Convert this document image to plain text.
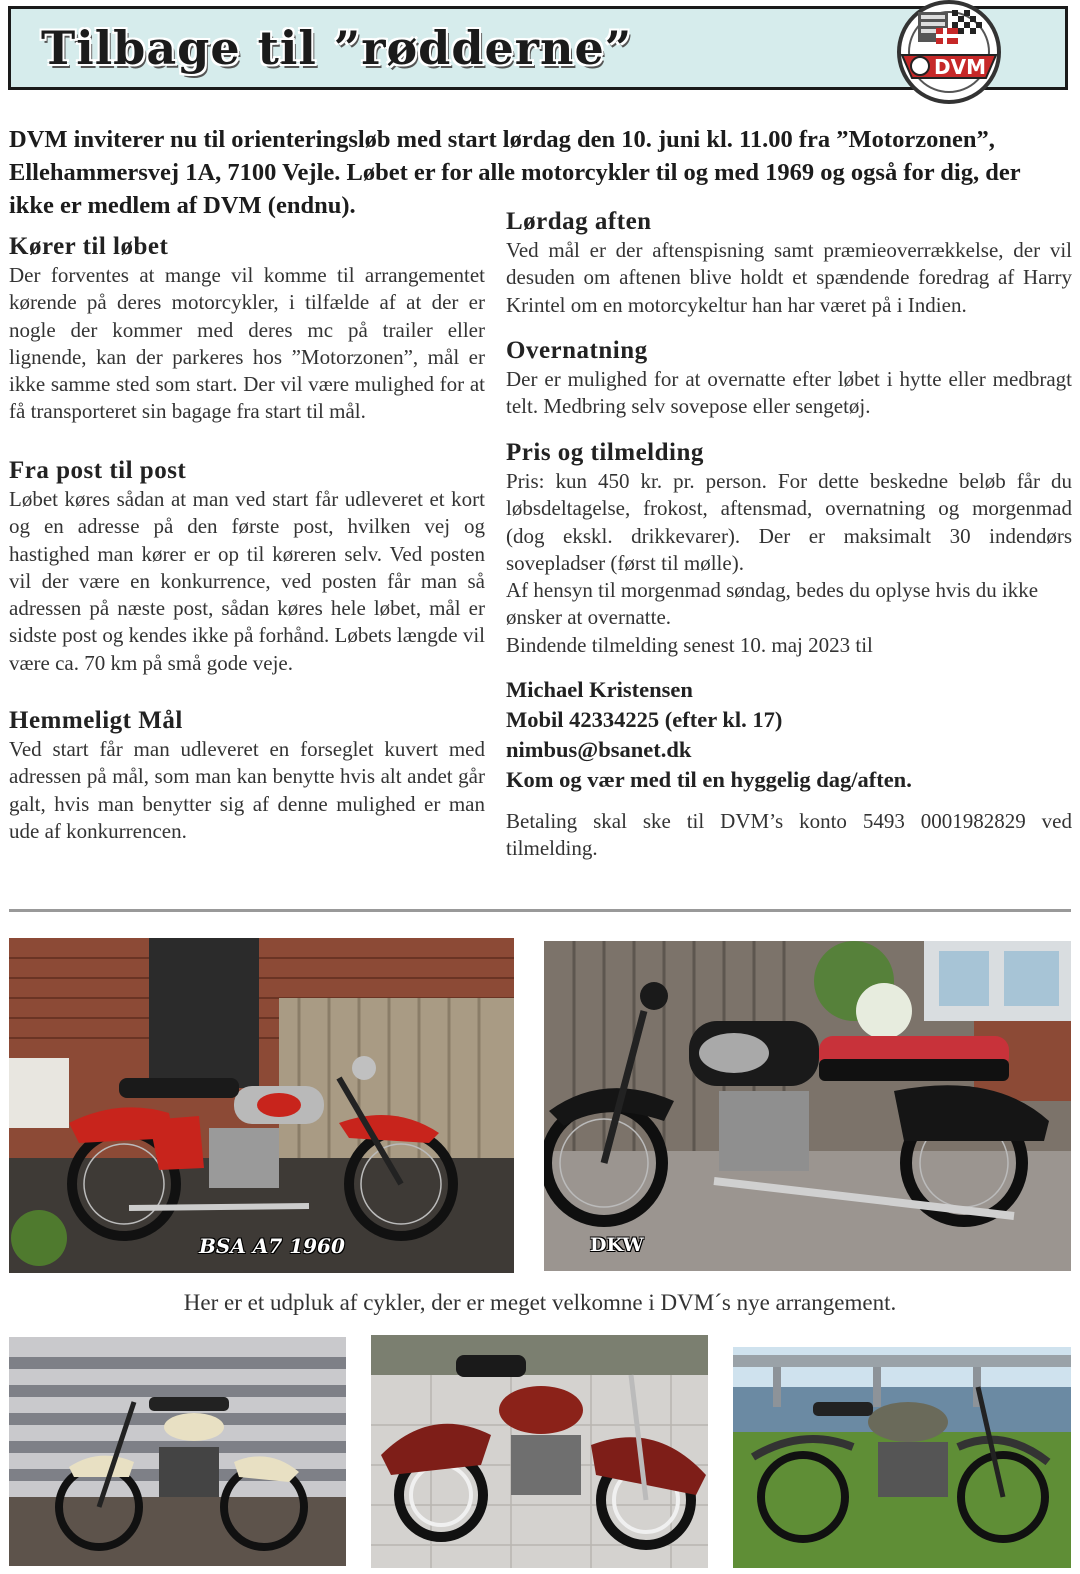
Tilbage til ”rødderne”	DVM

DVM inviterer nu til orienteringsløb med start lørdag den 10. juni kl. 11.00 fra ”Motorzonen”, Ellehammersvej 1A, 7100 Vejle. Løbet er for alle motorcykler til og med 1969 og også for dig, der ikke er medlem af DVM (endnu).

Kører til løbet

Der forventes at mange vil komme til arrangementet kørende på deres motorcykler, i tilfælde af at der er nogle der kommer med deres mc på trailer eller lignende, kan der parkeres hos ”Motorzonen”, mål er ikke samme sted som start. Der vil være mulighed for at få transporteret sin bagage fra start til mål.

Fra post til post

Løbet køres sådan at man ved start får udleveret et kort og en adresse på den første post, hvilken vej og hastighed man kører er op til køreren selv. Ved posten vil der være en konkurrence, ved posten får man så adressen på næste post, sådan køres hele løbet, mål er sidste post og kendes ikke på forhånd. Løbets længde vil være ca. 70 km på små gode veje.

Hemmeligt Mål

Ved start får man udleveret en forseglet kuvert med adressen på mål, som man kan benytte hvis alt andet går galt, hvis man benytter sig af denne mulighed er man ude af konkurrencen.

Lørdag aften

Ved mål er der aftenspisning samt præmieoverrækkelse, der vil desuden om aftenen blive holdt et spændende foredrag af Harry Krintel om en motorcykeltur han har været på i Indien.

Overnatning

Der er mulighed for at overnatte efter løbet i hytte eller medbragt telt. Medbring selv sovepose eller sengetøj.

Pris og tilmelding

Pris: kun 450 kr. pr. person. For dette beskedne beløb får du løbsdeltagelse, frokost, aftensmad, overnatning og morgenmad (dog ekskl. drikkevarer). Der er maksimalt 30 indendørs sovepladser (først til mølle).

Af hensyn til morgenmad søndag, bedes du oplyse hvis du ikke ønsker at overnatte.

Bindende tilmelding senest 10. maj 2023 til

Michael Kristensen

Mobil 42334225 (efter kl. 17)

nimbus@bsanet.dk

Kom og vær med til en hyggelig dag/aften.

Betaling skal ske til DVM’s konto 5493 0001982829 ved tilmelding.

BSA A7 1960	DKW
Her er et udpluk af cykler, der er meget velkomne i DVM´s nye arrangement.
